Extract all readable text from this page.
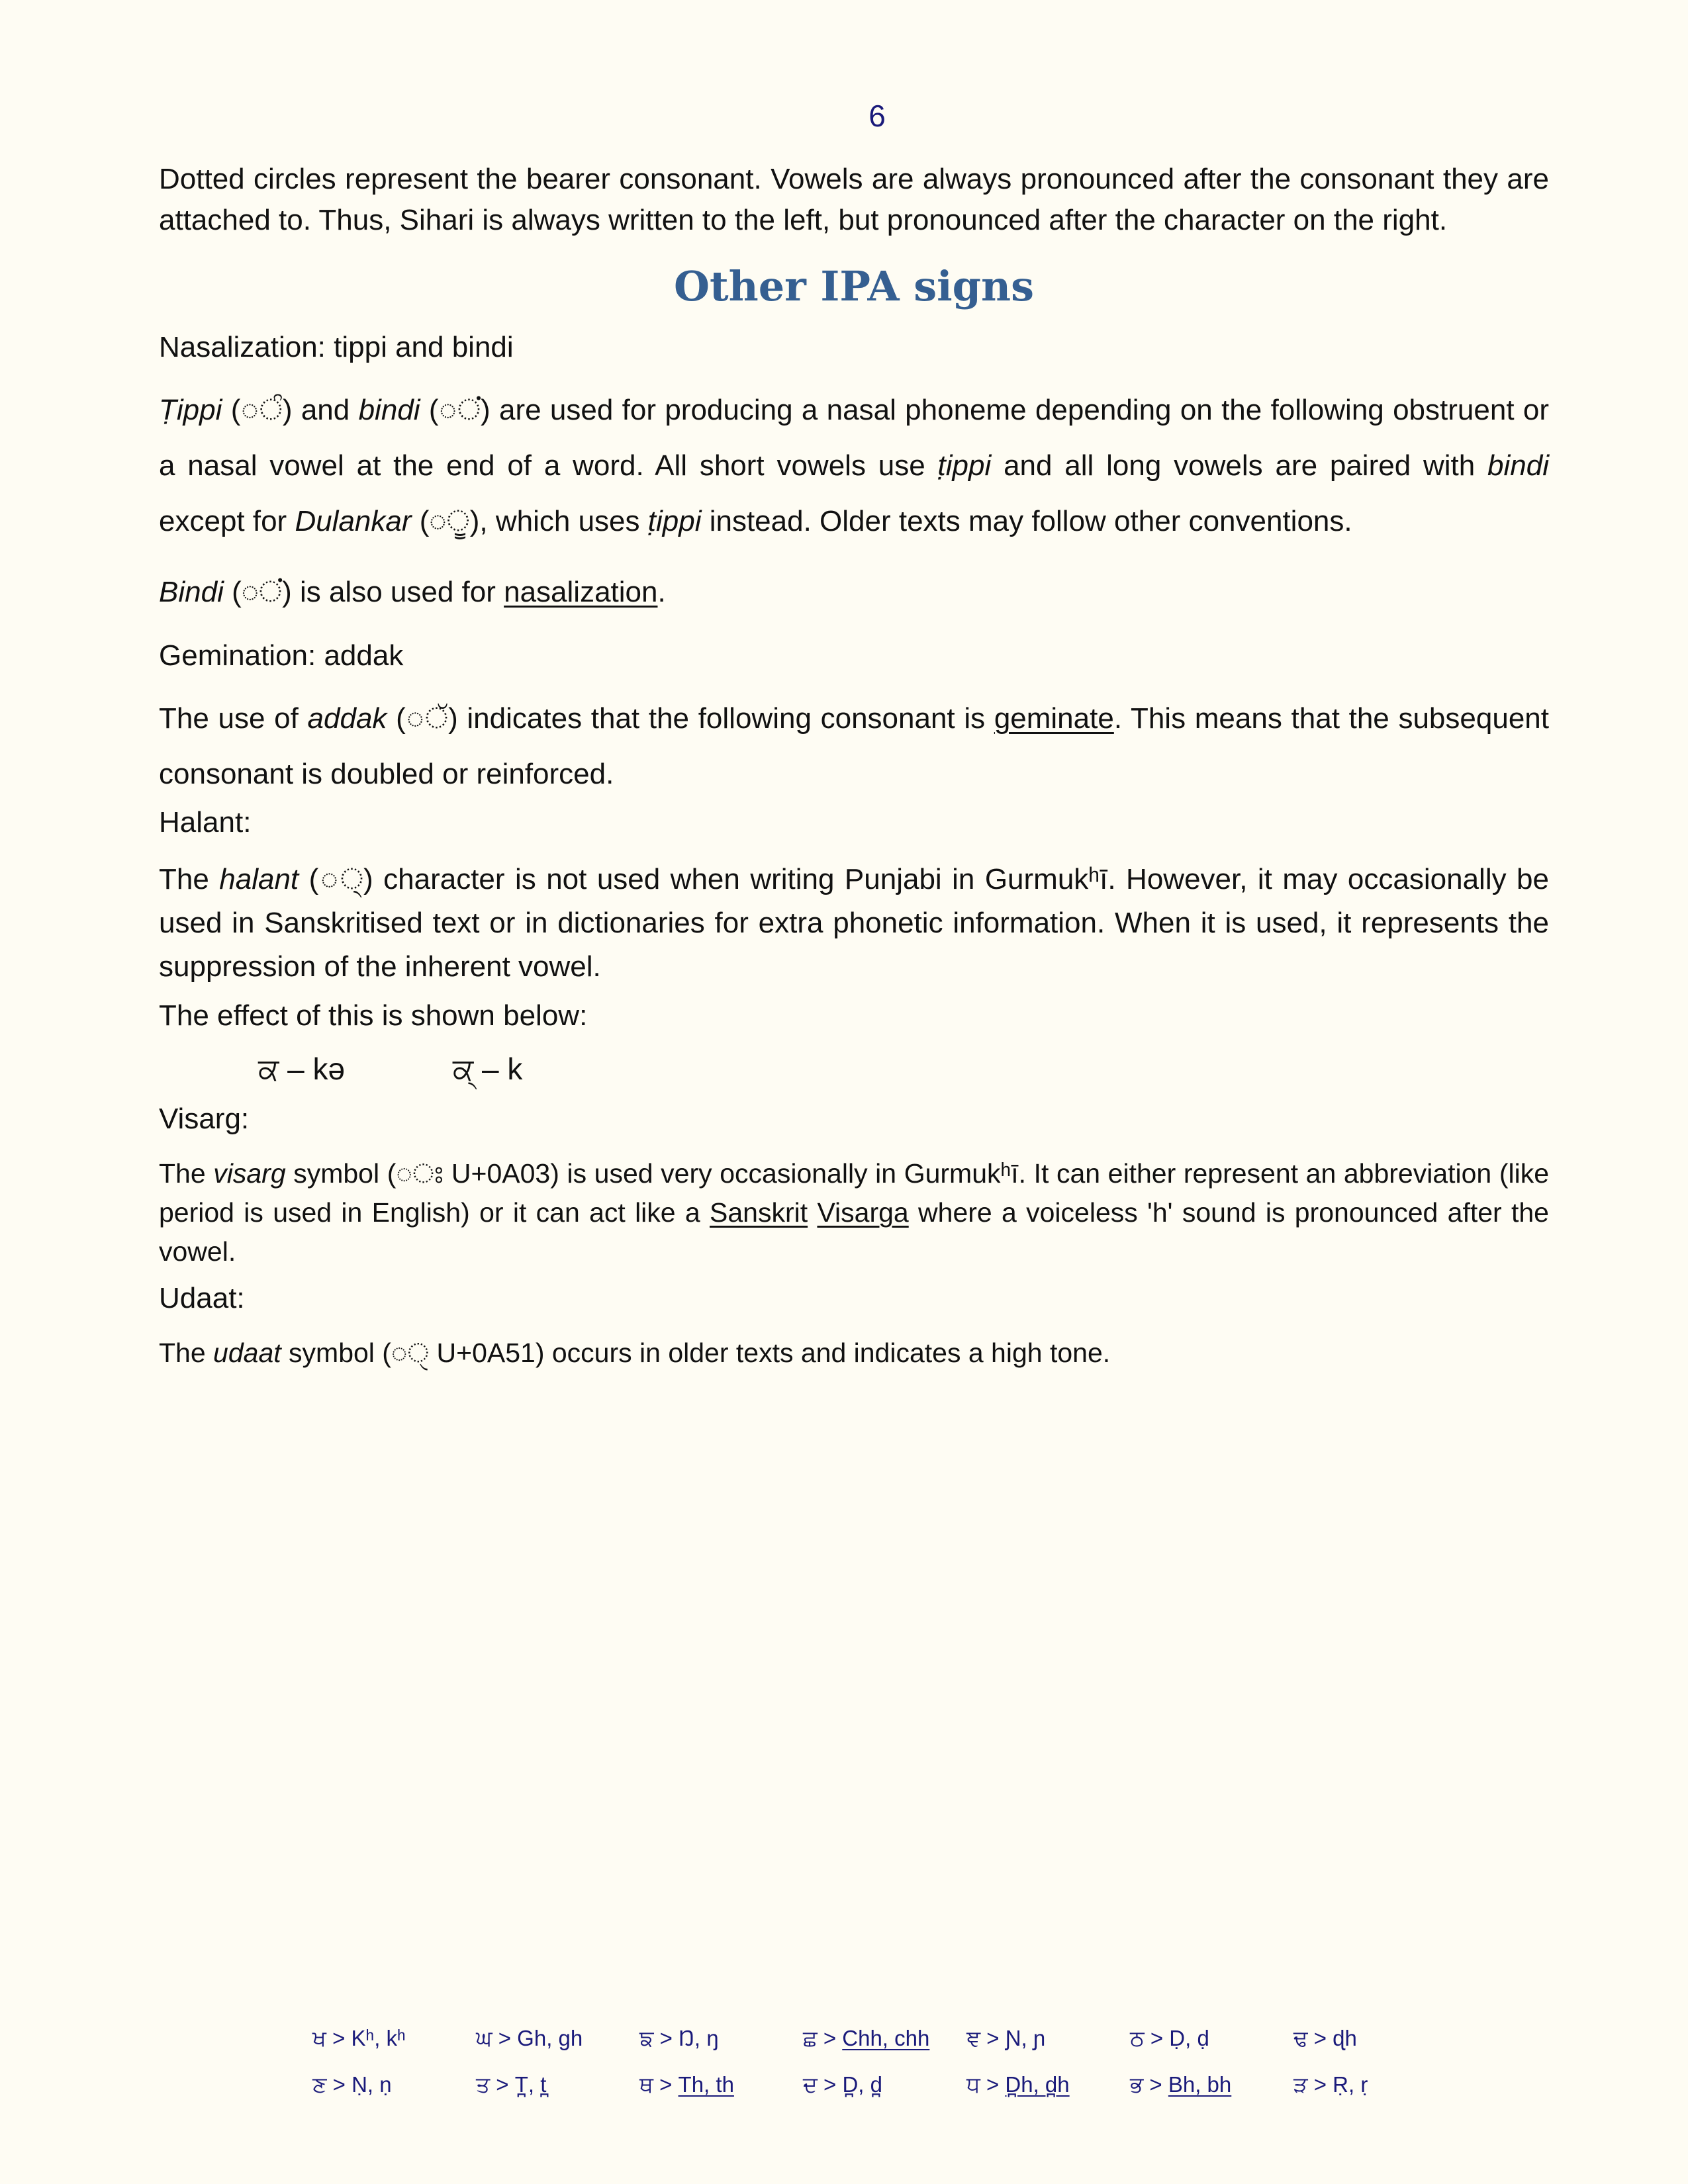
6

Dotted circles represent the bearer consonant. Vowels are always pronounced after the consonant they are attached to. Thus, Sihari is always written to the left, but pronounced after the character on the right.

Other IPA signs

Nasalization: tippi and bindi

Ṭippi (◌ੰ) and bindi (◌ਂ) are used for producing a nasal phoneme depending on the following obstruent or a nasal vowel at the end of a word. All short vowels use ṭippi and all long vowels are paired with bindi except for Dulankar (◌ੂ), which uses ṭippi instead. Older texts may follow other conventions.

Bindi (◌ਂ) is also used for nasalization.

Gemination: addak

The use of addak (◌ੱ) indicates that the following consonant is geminate. This means that the subsequent consonant is doubled or reinforced.

Halant:

The halant (◌੍) character is not used when writing Punjabi in Gurmukʰī. However, it may occasionally be used in Sanskritised text or in dictionaries for extra phonetic information. When it is used, it represents the suppression of the inherent vowel.

The effect of this is shown below:

ਕ – kə	ਕ੍ – k

Visarg:

The visarg symbol (◌ਃ U+0A03) is used very occasionally in Gurmukʰī. It can either represent an abbreviation (like period is used in English) or it can act like a Sanskrit Visarga where a voiceless 'h' sound is pronounced after the vowel.

Udaat:

The udaat symbol (◌ੑ U+0A51) occurs in older texts and indicates a high tone.

ਖ > Kʰ, kʰ	ਘ > Gh, gh	ਙ > Ŋ, ŋ	ਛ > Chh, chh	ਞ > Ɲ, ɲ	ਠ > Ḍ, ḍ	ਢ > ɖh
ਣ > Ṇ, ṇ	ਤ > T̪, t̪	ਥ > Th, th	ਦ > D̪, d̪	ਧ > D̪h, d̪h	ਭ > Bh, bh	ੜ > Ṛ, ṛ
